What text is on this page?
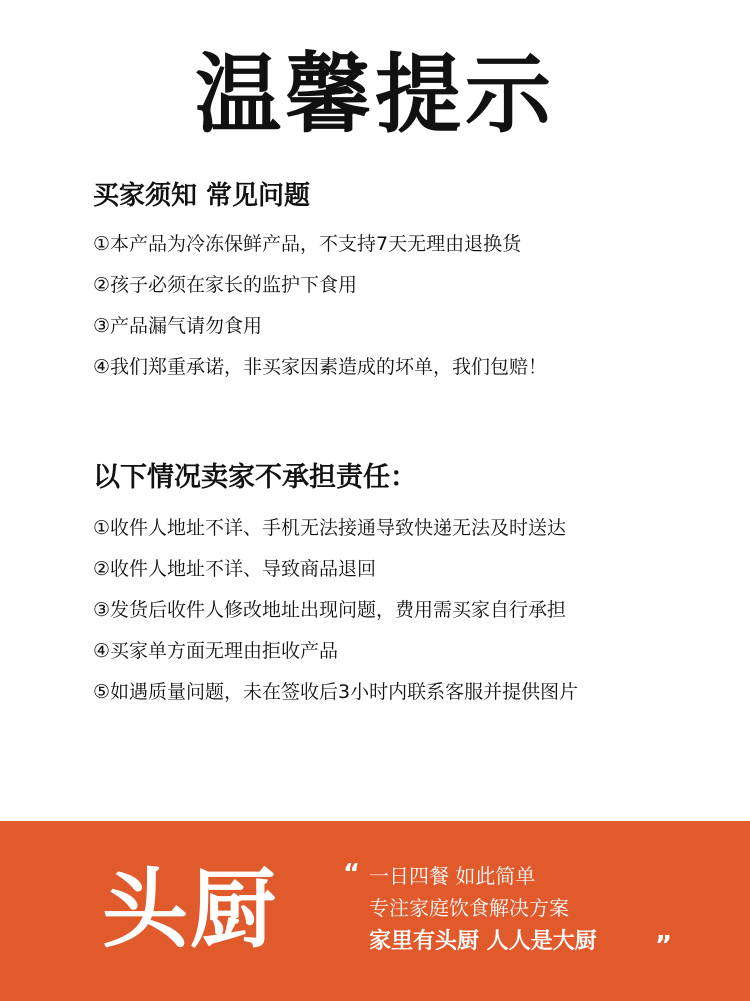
温馨提示
买家须知 常见问题
①本产品为冷冻保鲜产品，不支持7天无理由退换货
②孩子必须在家长的监护下食用
③产品漏气请勿食用
④我们郑重承诺，非买家因素造成的坏单，我们包赔！
以下情况卖家不承担责任：
①收件人地址不详、手机无法接通导致快递无法及时送达
②收件人地址不详、导致商品退回
③发货后收件人修改地址出现问题，费用需买家自行承担
④买家单方面无理由拒收产品
⑤如遇质量问题，未在签收后3小时内联系客服并提供图片
头厨	“ 一日四餐 如此简单
专注家庭饮食解决方案
家里有头厨 人人是大厨 ”
